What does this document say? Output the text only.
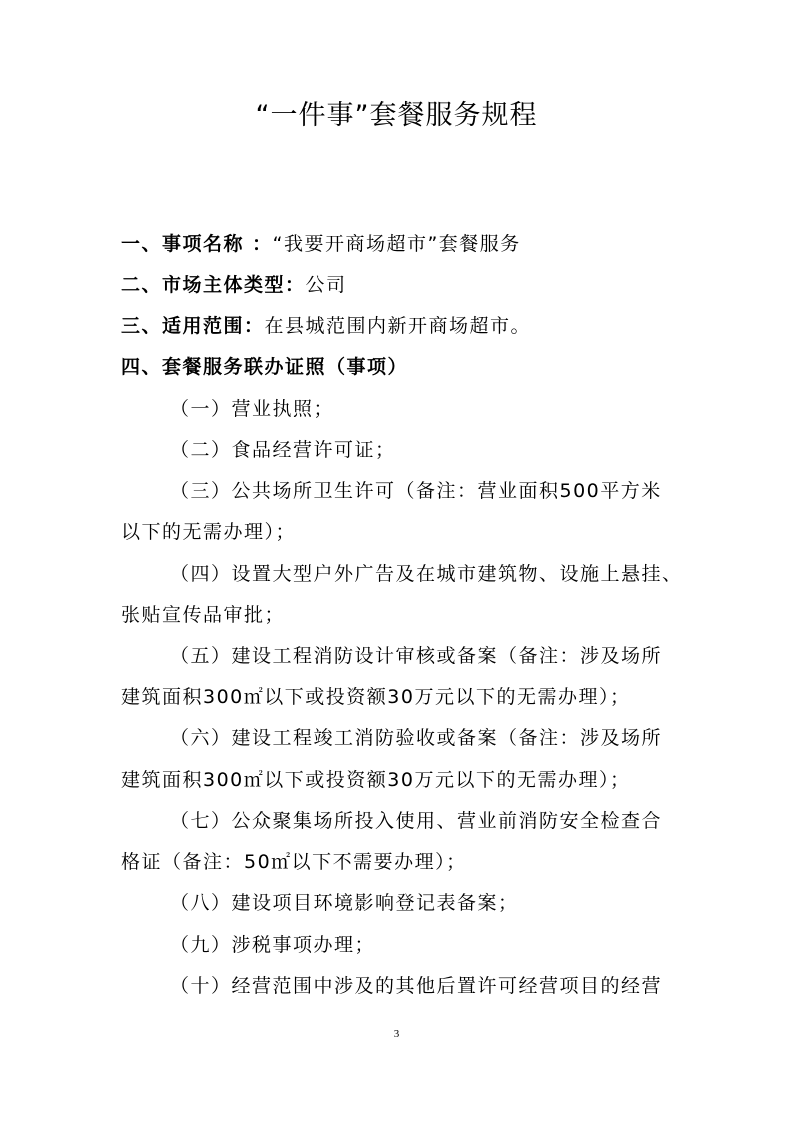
“一件事”套餐服务规程
一、事项名称 ：“我要开商场超市”套餐服务
二、市场主体类型：公司
三、适用范围：在县城范围内新开商场超市。
四、套餐服务联办证照（事项）
（一）营业执照；
（二）食品经营许可证；
（三）公共场所卫生许可（备注：营业面积500平方米
以下的无需办理）；
（四）设置大型户外广告及在城市建筑物、设施上悬挂、
张贴宣传品审批；
（五）建设工程消防设计审核或备案（备注：涉及场所
建筑面积300㎡以下或投资额30万元以下的无需办理）；
（六）建设工程竣工消防验收或备案（备注：涉及场所
建筑面积300㎡以下或投资额30万元以下的无需办理）；
（七）公众聚集场所投入使用、营业前消防安全检查合
格证（备注：50㎡以下不需要办理）；
（八）建设项目环境影响登记表备案；
（九）涉税事项办理；
（十）经营范围中涉及的其他后置许可经营项目的经营
3
